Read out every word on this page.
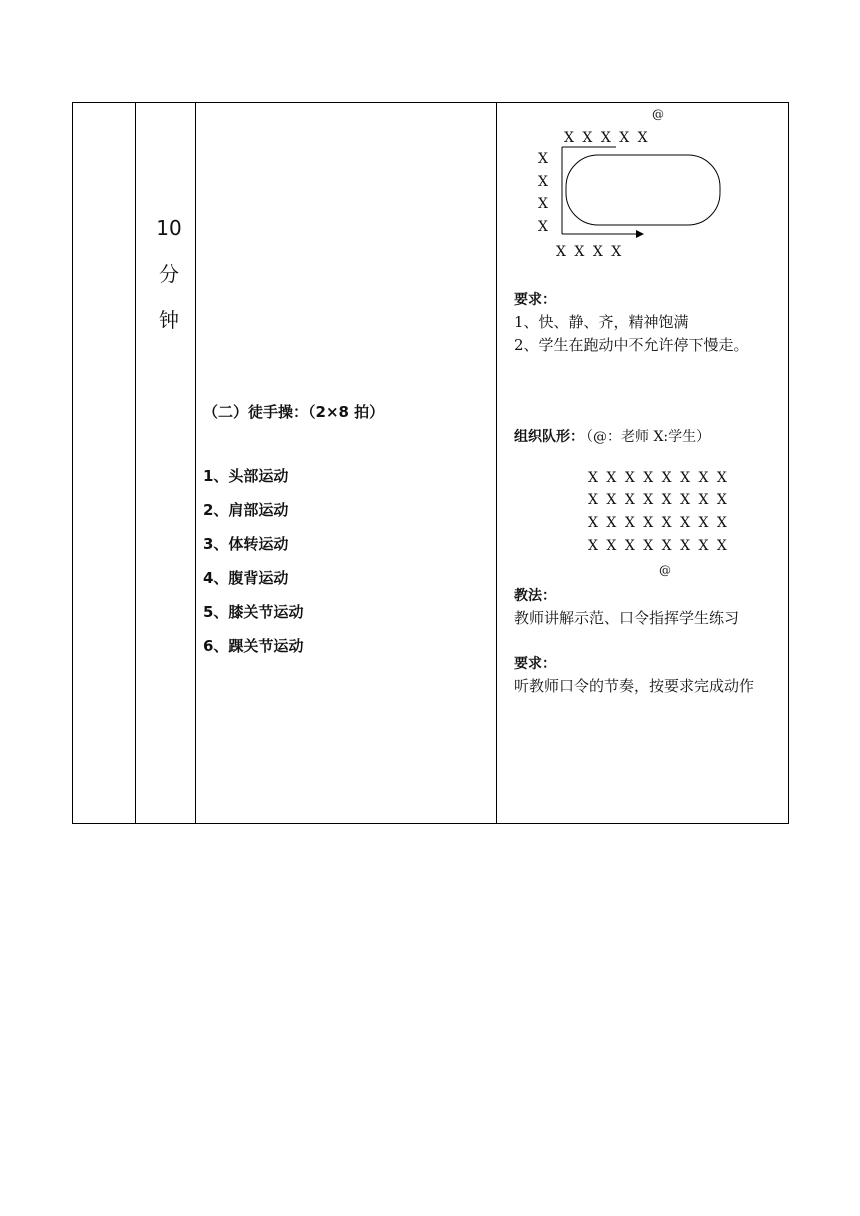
10
分
钟
（二）徒手操：（2×8 拍）
1、头部运动
2、肩部运动
3、体转运动
4、腹背运动
5、膝关节运动
6、踝关节运动
@
X X X X X
X
X
X
X
X X X X
要求：
1、快、静、齐，精神饱满
2、学生在跑动中不允许停下慢走。
组织队形：
（@：老师 X:学生）
X X X X X X X X
X X X X X X X X
X X X X X X X X
X X X X X X X X
@
教法：
教师讲解示范、口令指挥学生练习
要求：
听教师口令的节奏，按要求完成动作
